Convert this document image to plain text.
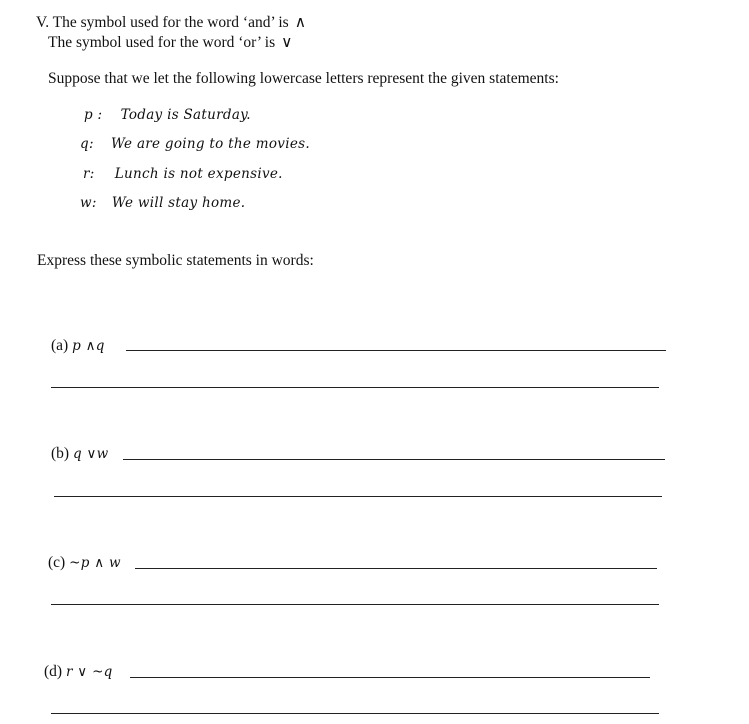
V. The symbol used for the word ‘and’ is ∧
The symbol used for the word ‘or’ is ∨
Suppose that we let the following lowercase letters represent the given statements:
p : Today is Saturday.
q: We are going to the movies.
r: Lunch is not expensive.
w: We will stay home.
Express these symbolic statements in words:
(a) p ∧q
(b) q ∨w
(c) ~p ∧ w
(d) r ∨ ~q
